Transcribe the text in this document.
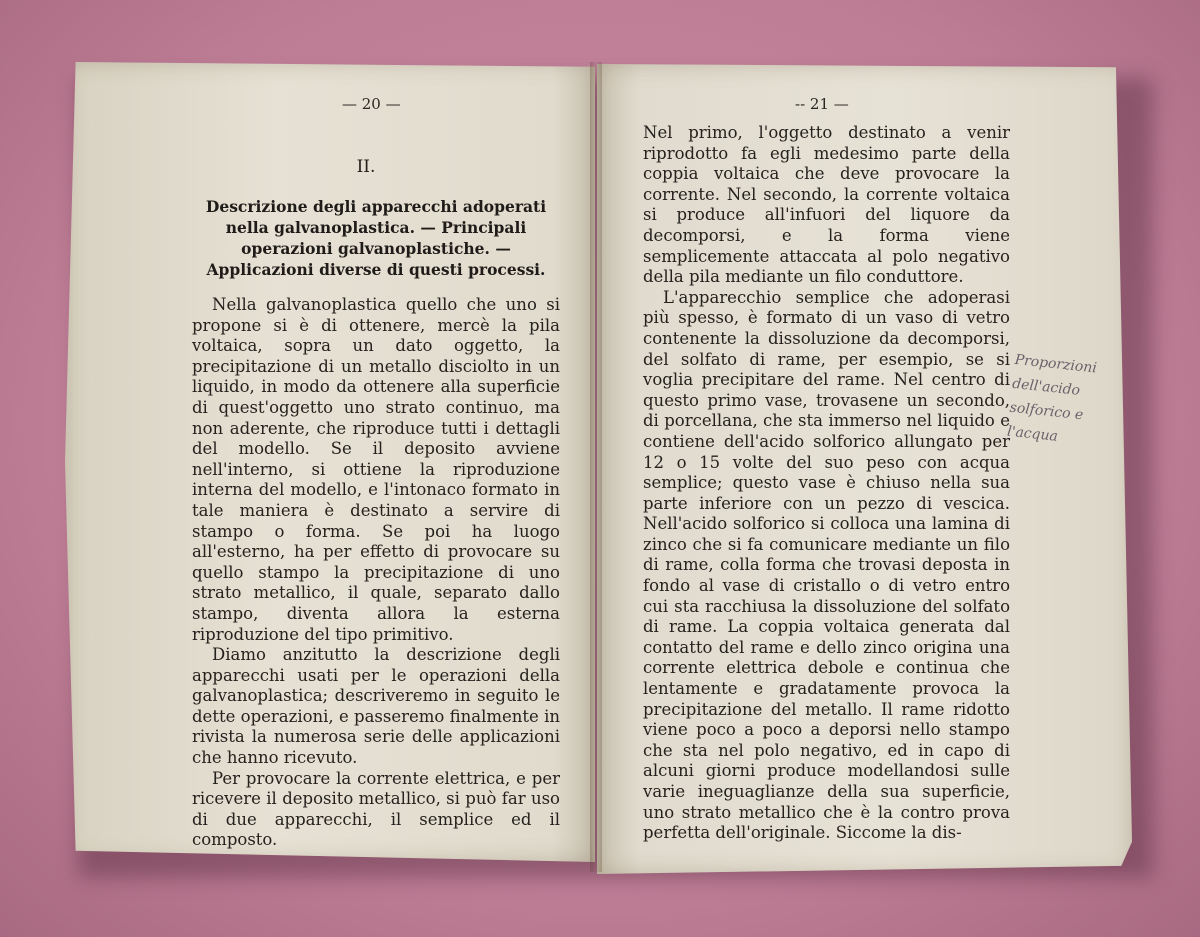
— 20 —
II.
Descrizione degli apparecchi adoperati nella galvanoplastica. — Principali operazioni galvanoplastiche. — Applicazioni diverse di questi processi.

Nella galvanoplastica quello che uno si propone si è di ottenere, mercè la pila voltaica, sopra un dato oggetto, la precipitazione di un metallo disciolto in un liquido, in modo da ottenere alla superficie di quest'oggetto uno strato continuo, ma non aderente, che riproduce tutti i dettagli del modello. Se il deposito avviene nell'interno, si ottiene la riproduzione interna del modello, e l'intonaco formato in tale maniera è destinato a servire di stampo o forma. Se poi ha luogo all'esterno, ha per effetto di provocare su quello stampo la precipitazione di uno strato metallico, il quale, separato dallo stampo, diventa allora la esterna riproduzione del tipo primitivo.

Diamo anzitutto la descrizione degli apparecchi usati per le operazioni della galvanoplastica; descriveremo in seguito le dette operazioni, e passeremo finalmente in rivista la numerosa serie delle applicazioni che hanno ricevuto.

Per provocare la corrente elettrica, e per ricevere il deposito metallico, si può far uso di due apparecchi, il semplice ed il composto.

-- 21 —

Nel primo, l'oggetto destinato a venir riprodotto fa egli medesimo parte della coppia voltaica che deve provocare la corrente. Nel secondo, la corrente voltaica si produce all'infuori del liquore da decomporsi, e la forma viene semplicemente attaccata al polo negativo della pila mediante un filo conduttore.

L'apparecchio semplice che adoperasi più spesso, è formato di un vaso di vetro contenente la dissoluzione da decomporsi, del solfato di rame, per esempio, se si voglia precipitare del rame. Nel centro di questo primo vase, trovasene un secondo, di porcellana, che sta immerso nel liquido e contiene dell'acido solforico allungato per 12 o 15 volte del suo peso con acqua semplice; questo vase è chiuso nella sua parte inferiore con un pezzo di vescica. Nell'acido solforico si colloca una lamina di zinco che si fa comunicare mediante un filo di rame, colla forma che trovasi deposta in fondo al vase di cristallo o di vetro entro cui sta racchiusa la dissoluzione del solfato di rame. La coppia voltaica generata dal contatto del rame e dello zinco origina una corrente elettrica debole e continua che lentamente e gradatamente provoca la precipitazione del metallo. Il rame ridotto viene poco a poco a deporsi nello stampo che sta nel polo negativo, ed in capo di alcuni giorni produce modellandosi sulle varie ineguaglianze della sua superficie, uno strato metallico che è la contro prova perfetta dell'originale. Siccome la dis-

Proporzioni dell'acido solforico e l'acqua
